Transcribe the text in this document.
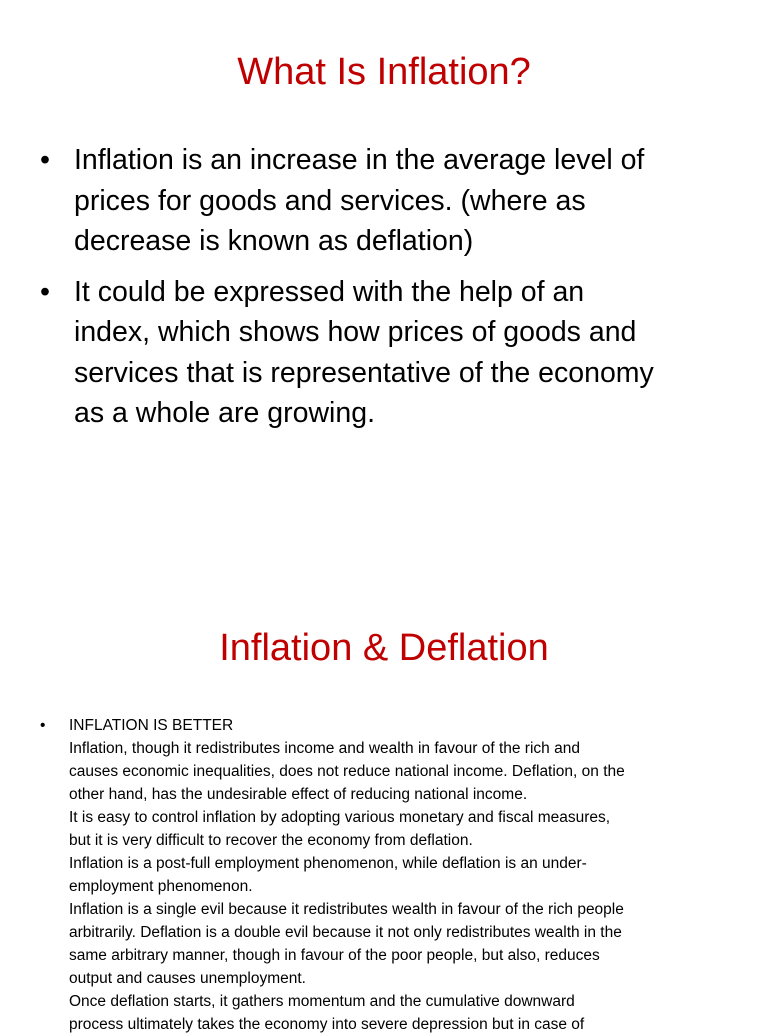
What Is Inflation?
• Inflation is an increase in the average level of
prices for goods and services. (where as
decrease is known as deflation)
• It could be expressed with the help of an
index, which shows how prices of goods and
services that is representative of the economy
as a whole are growing.
Inflation & Deflation
•	INFLATION IS BETTER
Inflation, though it redistributes income and wealth in favour of the rich and
causes economic inequalities, does not reduce national income. Deflation, on the
other hand, has the undesirable effect of reducing national income.
It is easy to control inflation by adopting various monetary and fiscal measures,
but it is very difficult to recover the economy from deflation.
Inflation is a post-full employment phenomenon, while deflation is an under-
employment phenomenon.
Inflation is a single evil because it redistributes wealth in favour of the rich people
arbitrarily. Deflation is a double evil because it not only redistributes wealth in the
same arbitrary manner, though in favour of the poor people, but also, reduces
output and causes unemployment.
Once deflation starts, it gathers momentum and the cumulative downward
process ultimately takes the economy into severe depression but in case of
